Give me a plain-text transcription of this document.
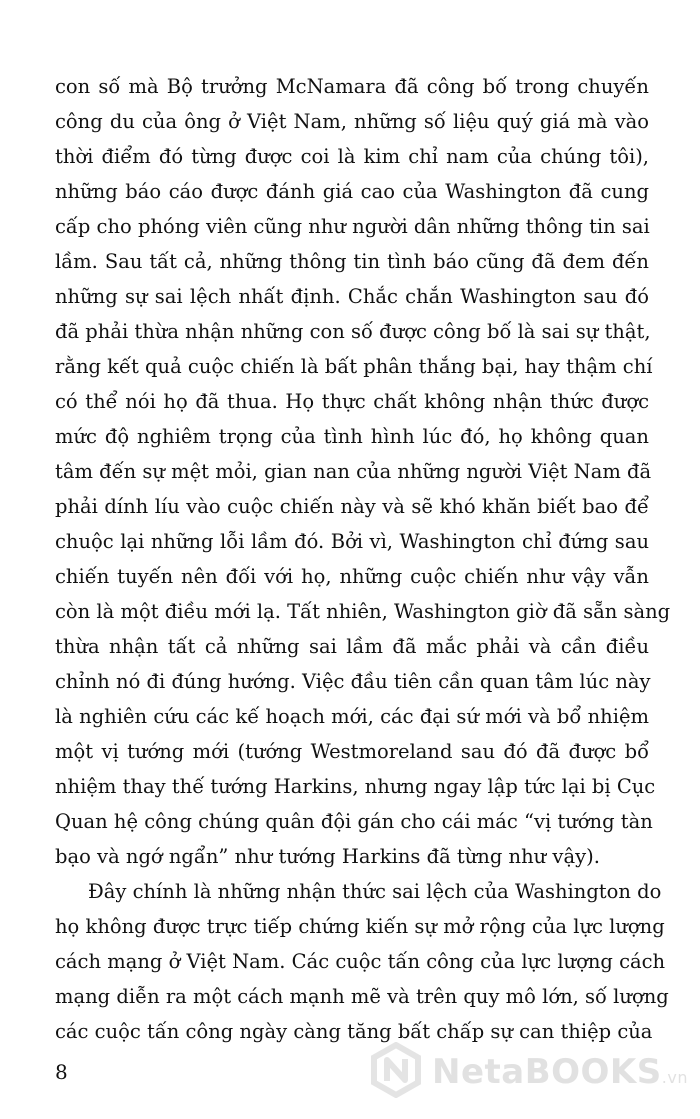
con số mà Bộ trưởng McNamara đã công bố trong chuyến
công du của ông ở Việt Nam, những số liệu quý giá mà vào
thời điểm đó từng được coi là kim chỉ nam của chúng tôi),
những báo cáo được đánh giá cao của Washington đã cung
cấp cho phóng viên cũng như người dân những thông tin sai
lầm. Sau tất cả, những thông tin tình báo cũng đã đem đến
những sự sai lệch nhất định. Chắc chắn Washington sau đó
đã phải thừa nhận những con số được công bố là sai sự thật,
rằng kết quả cuộc chiến là bất phân thắng bại, hay thậm chí
có thể nói họ đã thua. Họ thực chất không nhận thức được
mức độ nghiêm trọng của tình hình lúc đó, họ không quan
tâm đến sự mệt mỏi, gian nan của những người Việt Nam đã
phải dính líu vào cuộc chiến này và sẽ khó khăn biết bao để
chuộc lại những lỗi lầm đó. Bởi vì, Washington chỉ đứng sau
chiến tuyến nên đối với họ, những cuộc chiến như vậy vẫn
còn là một điều mới lạ. Tất nhiên, Washington giờ đã sẵn sàng
thừa nhận tất cả những sai lầm đã mắc phải và cần điều
chỉnh nó đi đúng hướng. Việc đầu tiên cần quan tâm lúc này
là nghiên cứu các kế hoạch mới, các đại sứ mới và bổ nhiệm
một vị tướng mới (tướng Westmoreland sau đó đã được bổ
nhiệm thay thế tướng Harkins, nhưng ngay lập tức lại bị Cục
Quan hệ công chúng quân đội gán cho cái mác “vị tướng tàn
bạo và ngớ ngẩn” như tướng Harkins đã từng như vậy).
Đây chính là những nhận thức sai lệch của Washington do
họ không được trực tiếp chứng kiến sự mở rộng của lực lượng
cách mạng ở Việt Nam. Các cuộc tấn công của lực lượng cách
mạng diễn ra một cách mạnh mẽ và trên quy mô lớn, số lượng
các cuộc tấn công ngày càng tăng bất chấp sự can thiệp của
8	NetaBOOKS.vn
